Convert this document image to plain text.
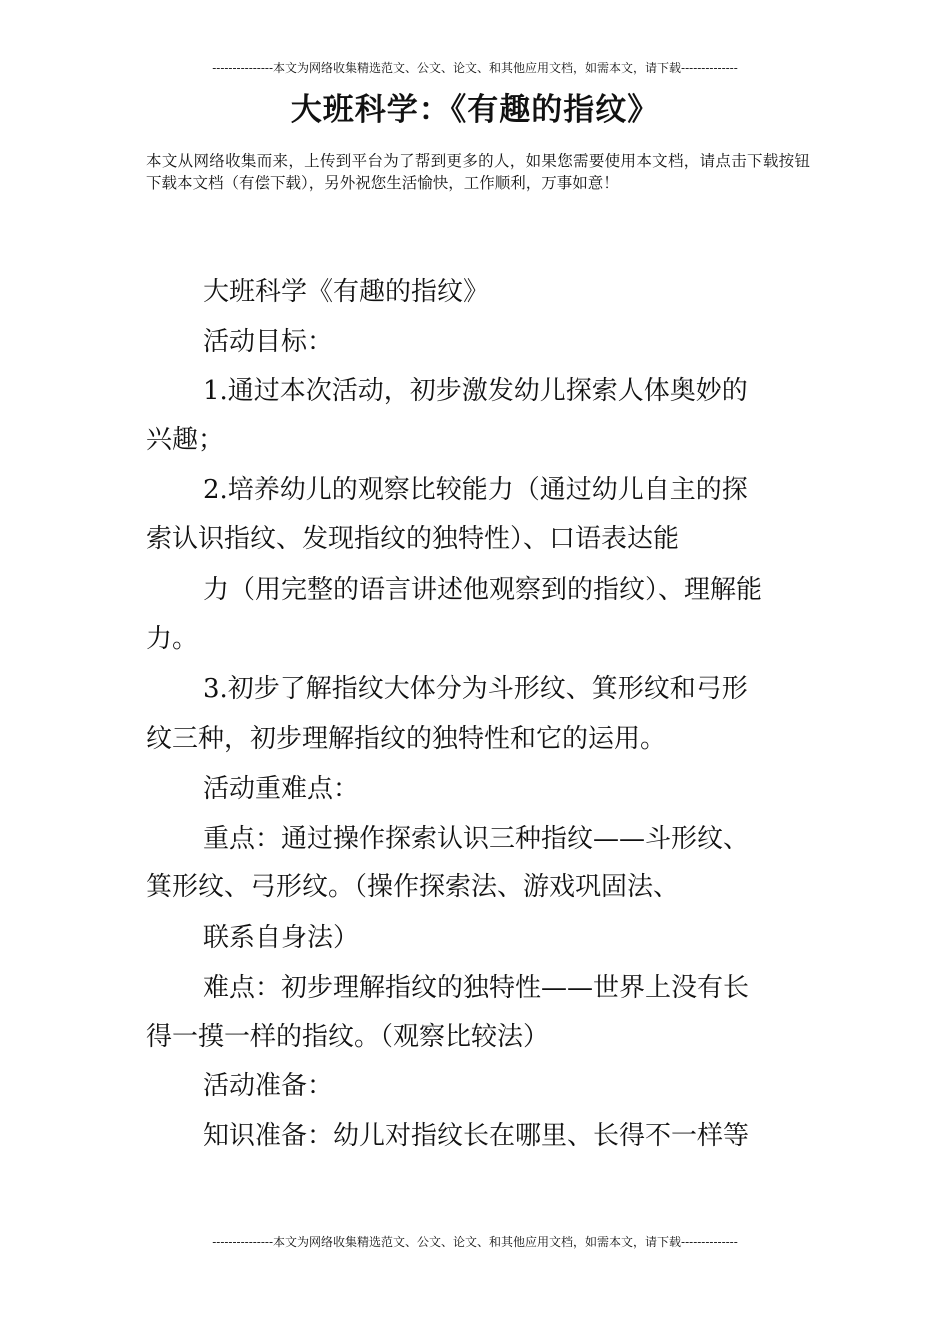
---------------本文为网络收集精选范文、公文、论文、和其他应用文档，如需本文，请下载--------------
大班科学：《有趣的指纹》
本文从网络收集而来，上传到平台为了帮到更多的人，如果您需要使用本文档，请点击下载按钮下载本文档（有偿下载），另外祝您生活愉快，工作顺利，万事如意！
大班科学《有趣的指纹》
活动目标：
1.通过本次活动，初步激发幼儿探索人体奥妙的
兴趣；
2.培养幼儿的观察比较能力（通过幼儿自主的探
索认识指纹、发现指纹的独特性）、口语表达能
力（用完整的语言讲述他观察到的指纹）、理解能
力。
3.初步了解指纹大体分为斗形纹、箕形纹和弓形
纹三种，初步理解指纹的独特性和它的运用。
活动重难点：
重点：通过操作探索认识三种指纹——斗形纹、
箕形纹、弓形纹。（操作探索法、游戏巩固法、
联系自身法）
难点：初步理解指纹的独特性——世界上没有长
得一摸一样的指纹。（观察比较法）
活动准备：
知识准备：幼儿对指纹长在哪里、长得不一样等
---------------本文为网络收集精选范文、公文、论文、和其他应用文档，如需本文，请下载--------------
